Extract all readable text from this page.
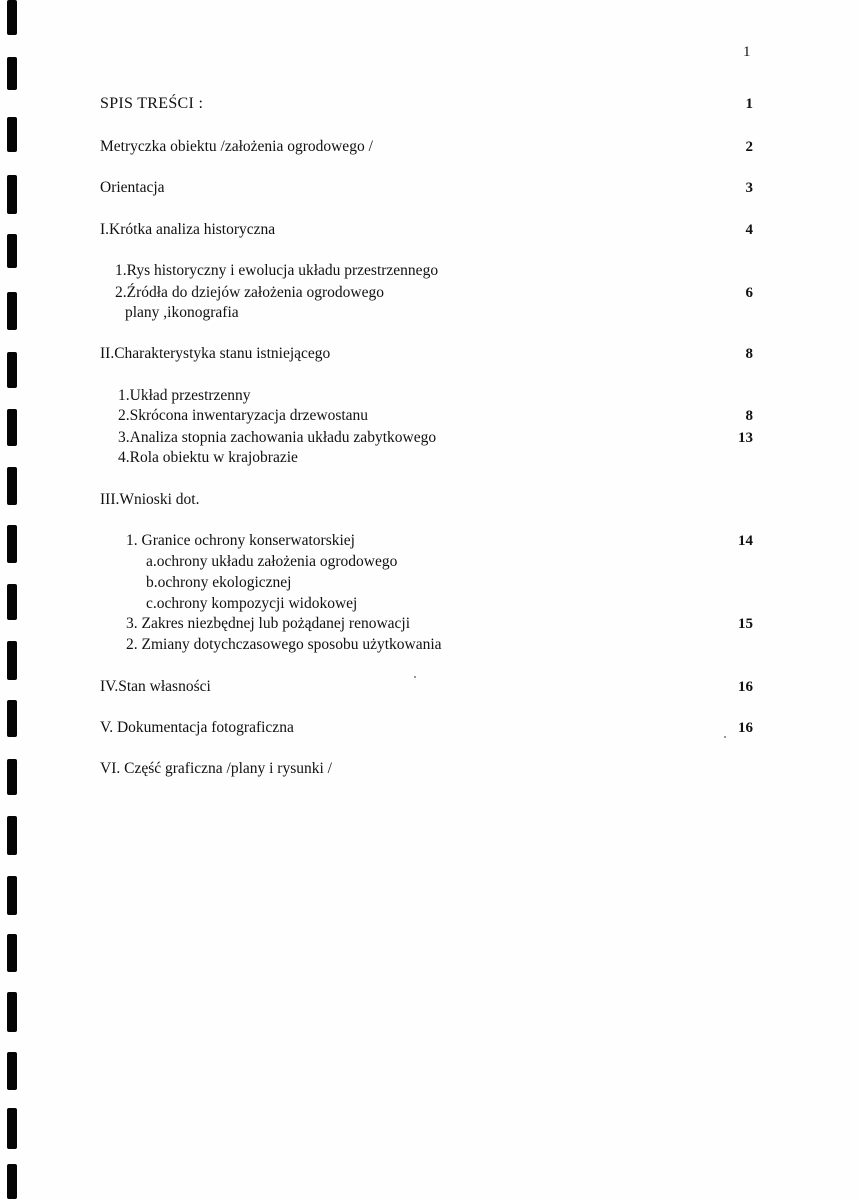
1
SPIS TREŚCI :	1
Metryczka obiektu /założenia ogrodowego /	2
Orientacja	3
I.Krótka analiza historyczna	4
1.Rys historyczny i ewolucja układu przestrzennego
2.Źródła do dziejów założenia ogrodowego	6
plany ,ikonografia
II.Charakterystyka stanu istniejącego	8
1.Układ przestrzenny
2.Skrócona inwentaryzacja drzewostanu	8
3.Analiza stopnia zachowania układu zabytkowego	13
4.Rola obiektu w krajobrazie
III.Wnioski dot.
1. Granice ochrony konserwatorskiej	14
a.ochrony układu założenia ogrodowego
b.ochrony ekologicznej
c.ochrony kompozycji widokowej
3. Zakres niezbędnej lub pożądanej renowacji	15
2. Zmiany dotychczasowego sposobu użytkowania
IV.Stan własności	16
V. Dokumentacja fotograficzna	16
VI. Część graficzna /plany i rysunki /
